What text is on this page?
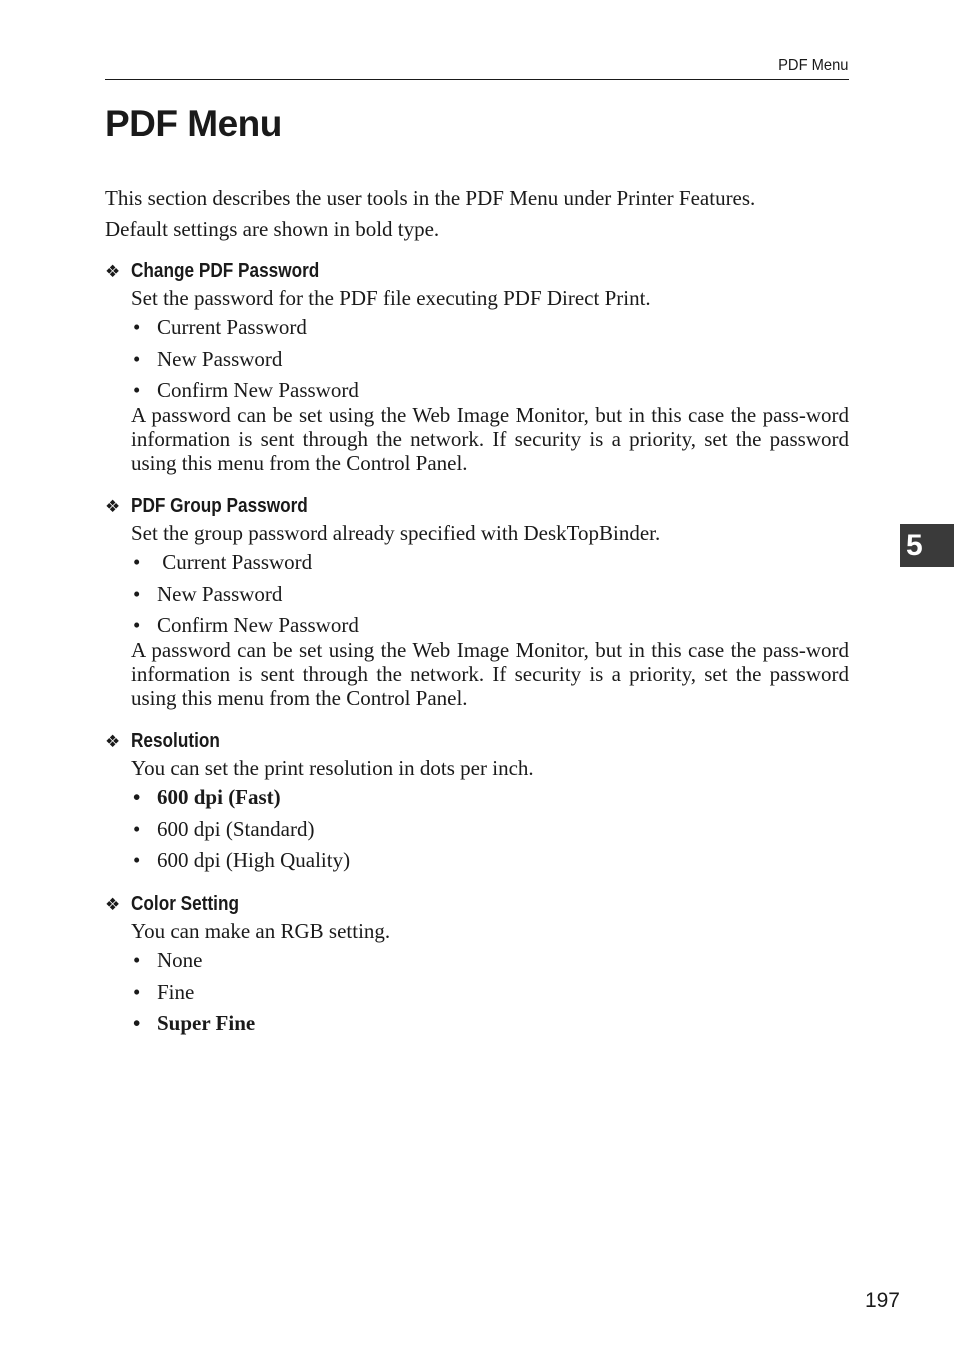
PDF Menu
PDF Menu
This section describes the user tools in the PDF Menu under Printer Features.
Default settings are shown in bold type.
❖ Change PDF Password
Set the password for the PDF file executing PDF Direct Print.
• Current Password
• New Password
• Confirm New Password
A password can be set using the Web Image Monitor, but in this case the pass-word information is sent through the network. If security is a priority, set the password using this menu from the Control Panel.
❖ PDF Group Password
Set the group password already specified with DeskTopBinder.
• Current Password
• New Password
• Confirm New Password
A password can be set using the Web Image Monitor, but in this case the pass-word information is sent through the network. If security is a priority, set the password using this menu from the Control Panel.
❖ Resolution
You can set the print resolution in dots per inch.
• 600 dpi (Fast)
• 600 dpi (Standard)
• 600 dpi (High Quality)
❖ Color Setting
You can make an RGB setting.
• None
• Fine
• Super Fine
5
197
